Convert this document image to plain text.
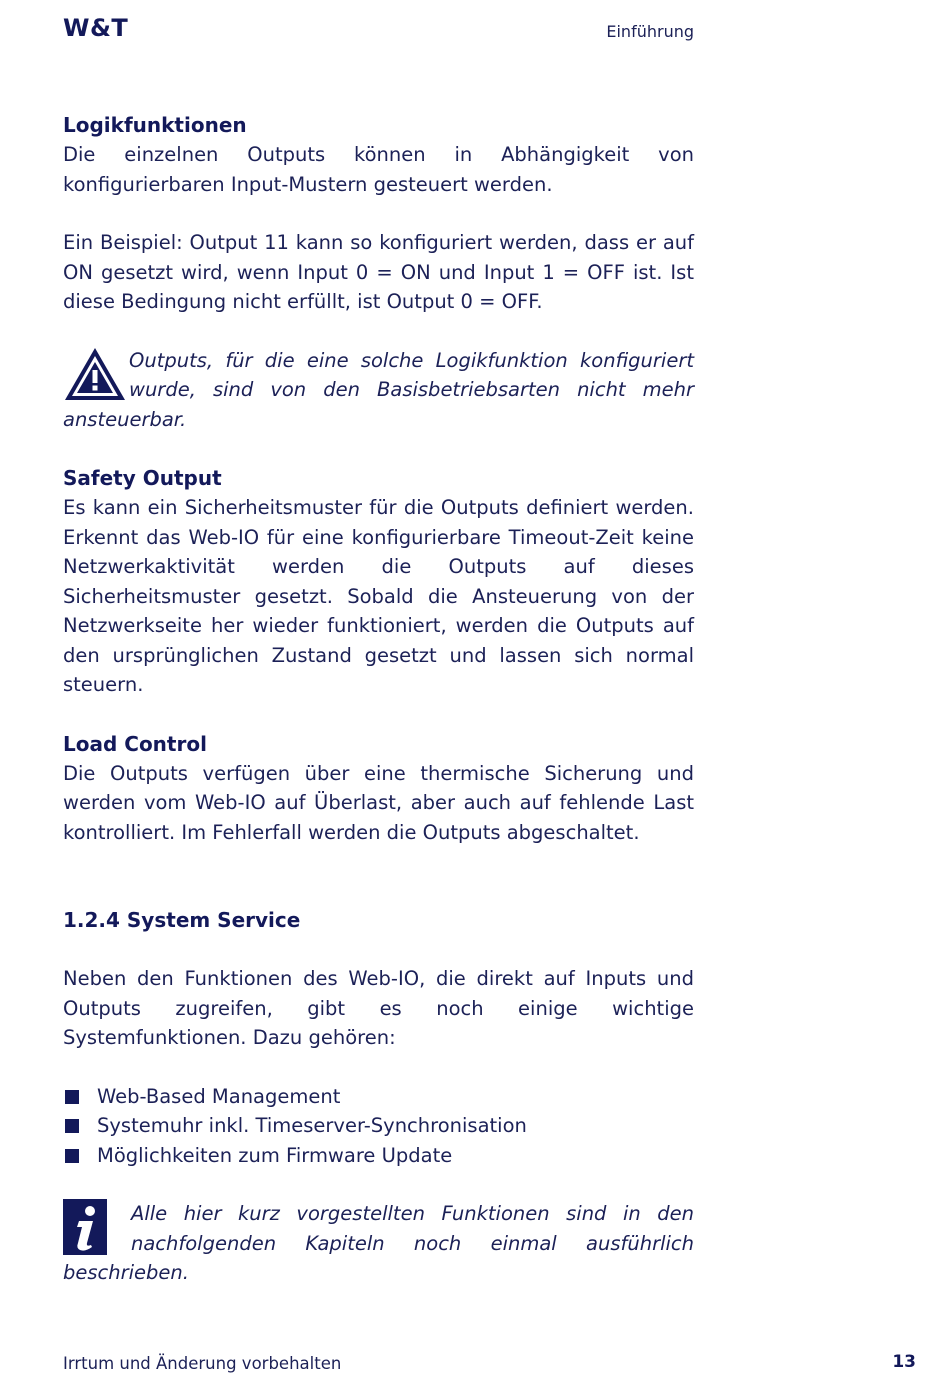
W&T	Einführung
Logikfunktionen

Die einzelnen Outputs können in Abhängigkeit von konfigurierbaren Input-Mustern gesteuert werden.

Ein Beispiel: Output 11 kann so konfiguriert werden, dass er auf ON gesetzt wird, wenn Input 0 = ON und Input 1 = OFF ist. Ist diese Bedingung nicht erfüllt, ist Output 0 = OFF.

Outputs, für die eine solche Logikfunktion konfiguriert wurde, sind von den Basisbetriebsarten nicht mehr ansteuerbar.

Safety Output

Es kann ein Sicherheitsmuster für die Outputs definiert werden. Erkennt das Web-IO für eine konfigurierbare Timeout-Zeit keine Netzwerkaktivität werden die Outputs auf dieses Sicherheitsmuster gesetzt. Sobald die Ansteuerung von der Netzwerkseite her wieder funktioniert, werden die Outputs auf den ursprünglichen Zustand gesetzt und lassen sich normal steuern.

Load Control

Die Outputs verfügen über eine thermische Sicherung und werden vom Web-IO auf Überlast, aber auch auf fehlende Last kontrolliert. Im Fehlerfall werden die Outputs abgeschaltet.

1.2.4 System Service

Neben den Funktionen des Web-IO, die direkt auf Inputs und Outputs zugreifen, gibt es noch einige wichtige Systemfunktionen. Dazu gehören:

Web-Based Management
Systemuhr inkl. Timeserver-Synchronisation
Möglichkeiten zum Firmware Update

Alle hier kurz vorgestellten Funktionen sind in den nachfolgenden Kapiteln noch einmal ausführlich beschrieben.

Irrtum und Änderung vorbehalten	13
